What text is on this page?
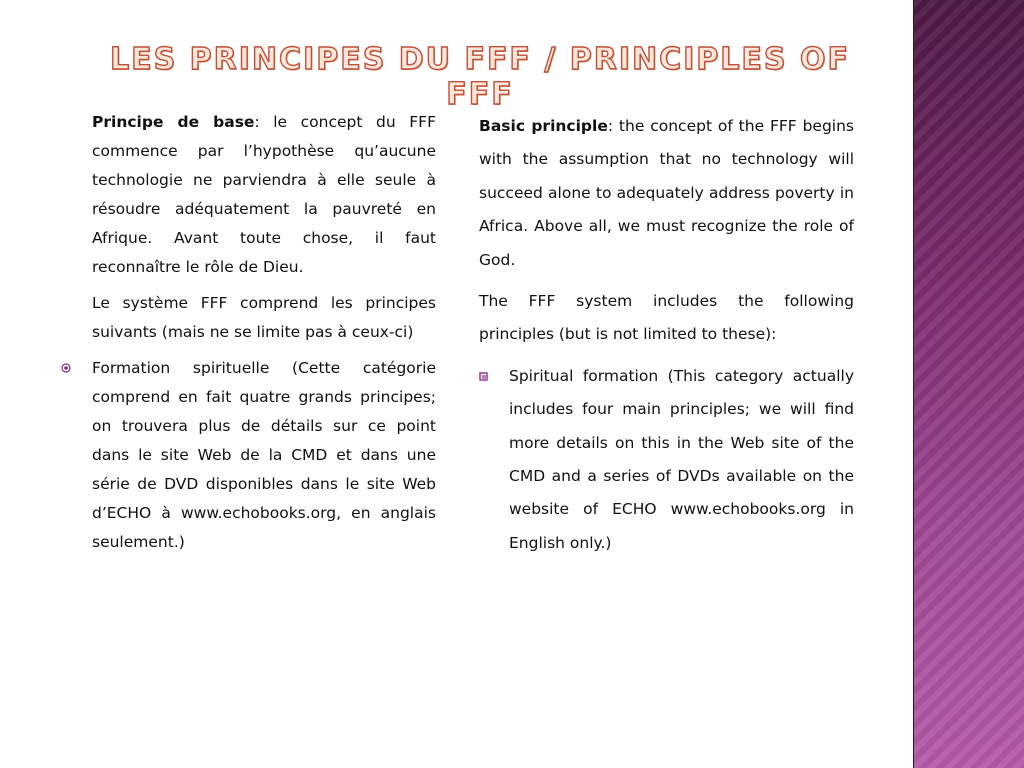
LES PRINCIPES DU FFF / PRINCIPLES OF FFF

Principe de base: le concept du FFF commence par l’hypothèse qu’aucune technologie ne parviendra à elle seule à résoudre adéquatement la pauvreté en Afrique. Avant toute chose, il faut reconnaître le rôle de Dieu.

Le système FFF comprend les principes suivants (mais ne se limite pas à ceux-ci)

Formation spirituelle (Cette catégorie comprend en fait quatre grands principes; on trouvera plus de détails sur ce point dans le site Web de la CMD et dans une série de DVD disponibles dans le site Web d’ECHO à www.echobooks.org, en anglais seulement.)

Basic principle: the concept of the FFF begins with the assumption that no technology will succeed alone to adequately address poverty in Africa. Above all, we must recognize the role of God.

The FFF system includes the following principles (but is not limited to these):

Spiritual formation (This category actually includes four main principles; we will find more details on this in the Web site of the CMD and a series of DVDs available on the website of ECHO www.echobooks.org in English only.)
